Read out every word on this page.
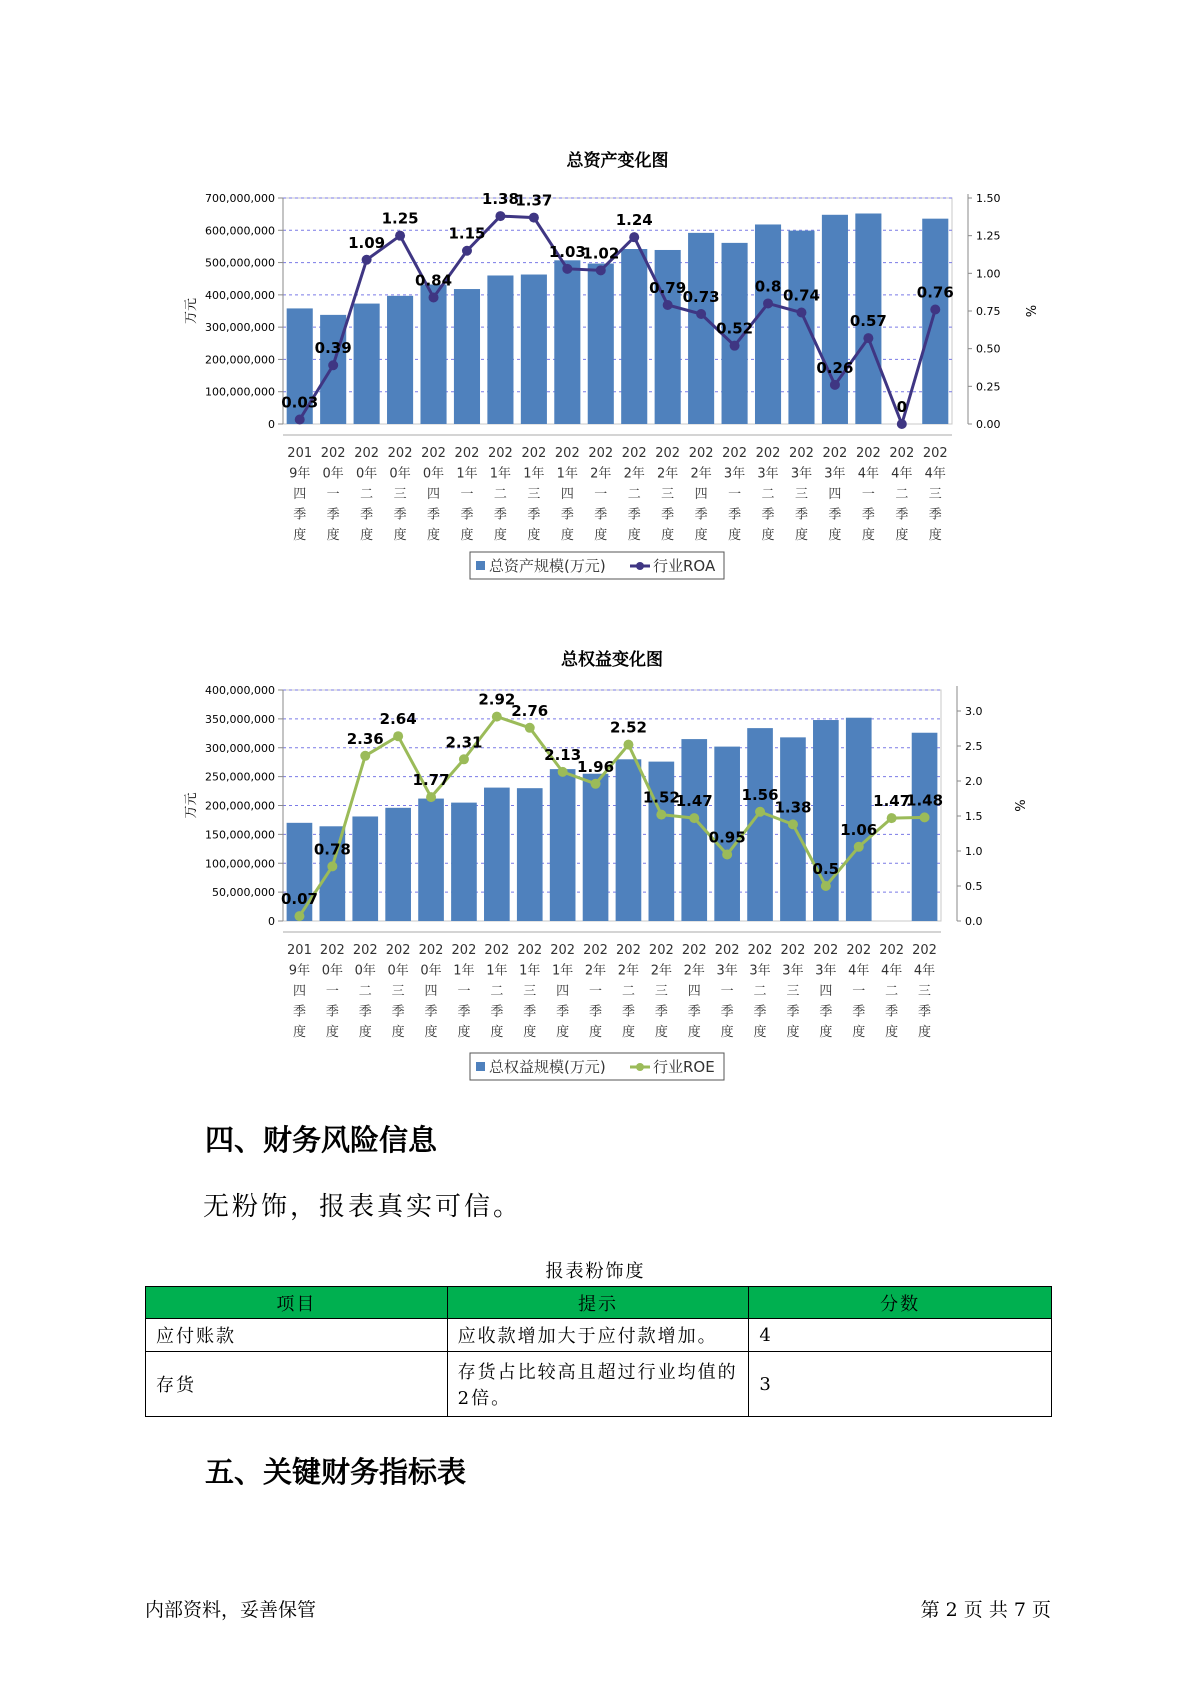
总资产变化图
0
100,000,000
200,000,000
300,000,000
400,000,000
500,000,000
600,000,000
700,000,000
0.00
0.25
0.50
0.75
1.00
1.25
1.50
万元	%
201 9年四季度
202 0年一季度
202 0年二季度
202 0年三季度
202 0年四季度
202 1年一季度
202 1年二季度
202 1年三季度
202 1年四季度
202 2年一季度
202 2年二季度
202 2年三季度
202 2年四季度
202 3年一季度
202 3年二季度
202 3年三季度
202 3年四季度
202 4年一季度
202 4年二季度
202 4年三季度
0.03
0.39
1.09
1.25
0.84
1.15
1.38
1.37
1.03
1.02
1.24
0.79
0.73
0.52
0.8
0.74
0.26
0.57
0
0.76
总资产规模(万元)	行业ROA
总权益变化图
0
50,000,000
100,000,000
150,000,000
200,000,000
250,000,000
300,000,000
350,000,000
400,000,000
0.0
0.5
1.0
1.5
2.0
2.5
3.0
万元	%
201 9年四季度
202 0年一季度
202 0年二季度
202 0年三季度
202 0年四季度
202 1年一季度
202 1年二季度
202 1年三季度
202 1年四季度
202 2年一季度
202 2年二季度
202 2年三季度
202 2年四季度
202 3年一季度
202 3年二季度
202 3年三季度
202 3年四季度
202 4年一季度
202 4年二季度
202 4年三季度
0.07
0.78
2.36
2.64
1.77
2.31
2.92
2.76
2.13
1.96
2.52
1.52
1.47
0.95
1.56
1.38
0.5
1.06
1.47
1.48
总权益规模(万元)	行业ROE
四、财务风险信息

无粉饰，报表真实可信。

报表粉饰度
项目	提示	分数
应付账款	应收款增加大于应付款增加。	4
存货	存货占比较高且超过行业均值的2倍。	3
五、关键财务指标表
内部资料，妥善保管	第 2 页 共 7 页
